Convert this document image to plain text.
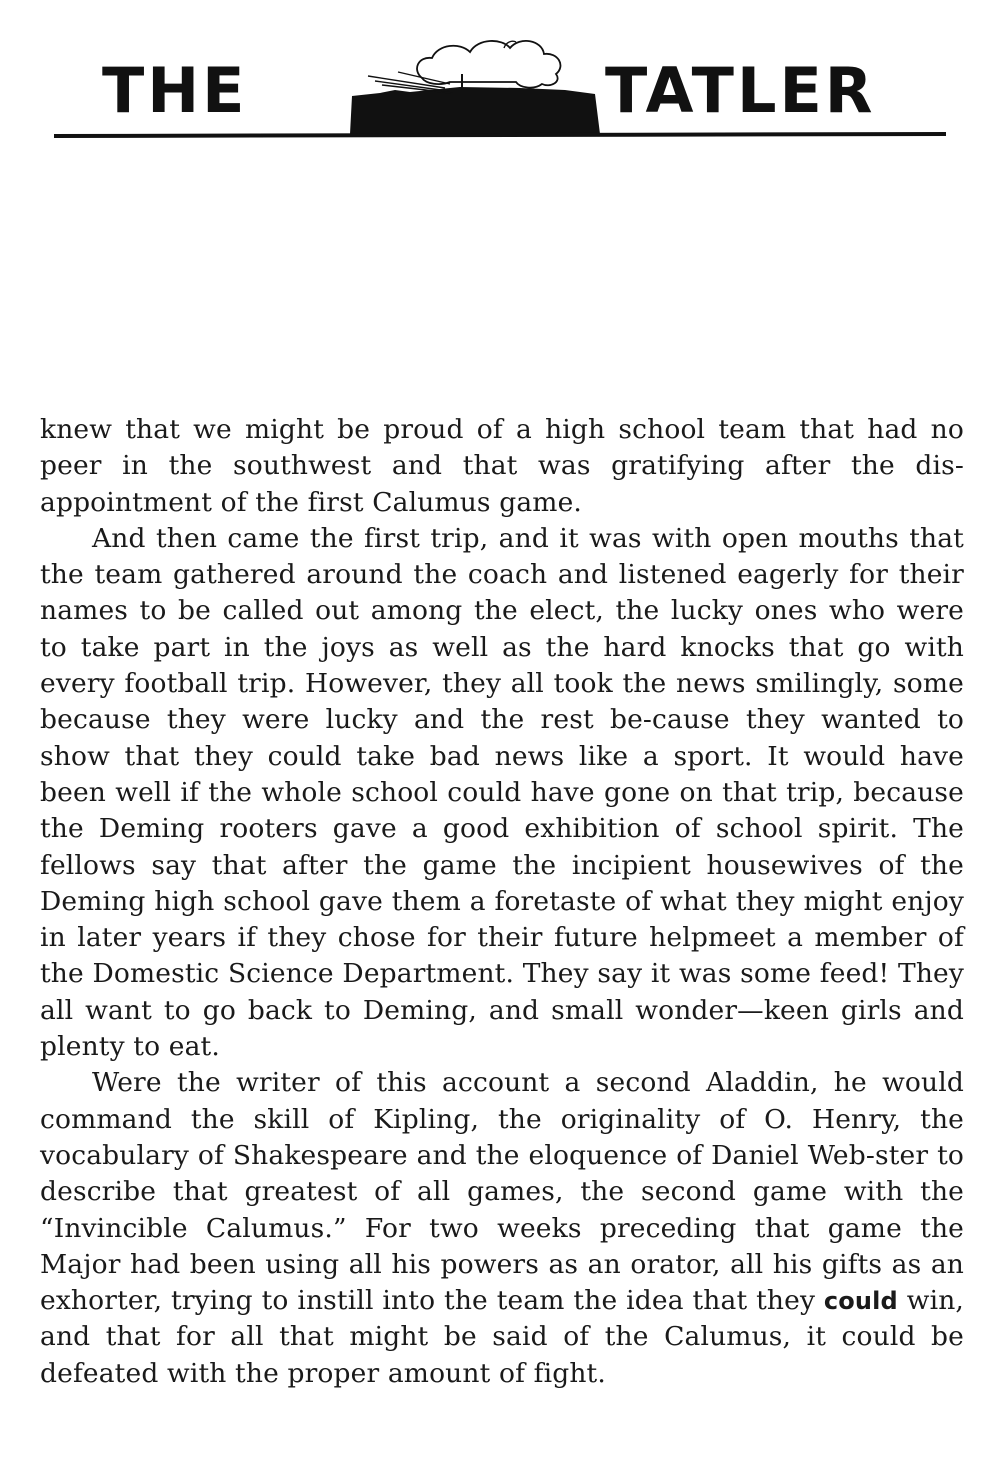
THE	TATLER

knew that we might be proud of a high school team that had no peer in the southwest and that was gratifying after the dis-appointment of the first Calumus game.

And then came the first trip, and it was with open mouths that the team gathered around the coach and listened eagerly for their names to be called out among the elect, the lucky ones who were to take part in the joys as well as the hard knocks that go with every football trip. However, they all took the news smilingly, some because they were lucky and the rest be-cause they wanted to show that they could take bad news like a sport. It would have been well if the whole school could have gone on that trip, because the Deming rooters gave a good exhibition of school spirit. The fellows say that after the game the incipient housewives of the Deming high school gave them a foretaste of what they might enjoy in later years if they chose for their future helpmeet a member of the Domestic Science Department. They say it was some feed! They all want to go back to Deming, and small wonder—keen girls and plenty to eat.

Were the writer of this account a second Aladdin, he would command the skill of Kipling, the originality of O. Henry, the vocabulary of Shakespeare and the eloquence of Daniel Web-ster to describe that greatest of all games, the second game with the “Invincible Calumus.” For two weeks preceding that game the Major had been using all his powers as an orator, all his gifts as an exhorter, trying to instill into the team the idea that they could win, and that for all that might be said of the Calumus, it could be defeated with the proper amount of fight.
